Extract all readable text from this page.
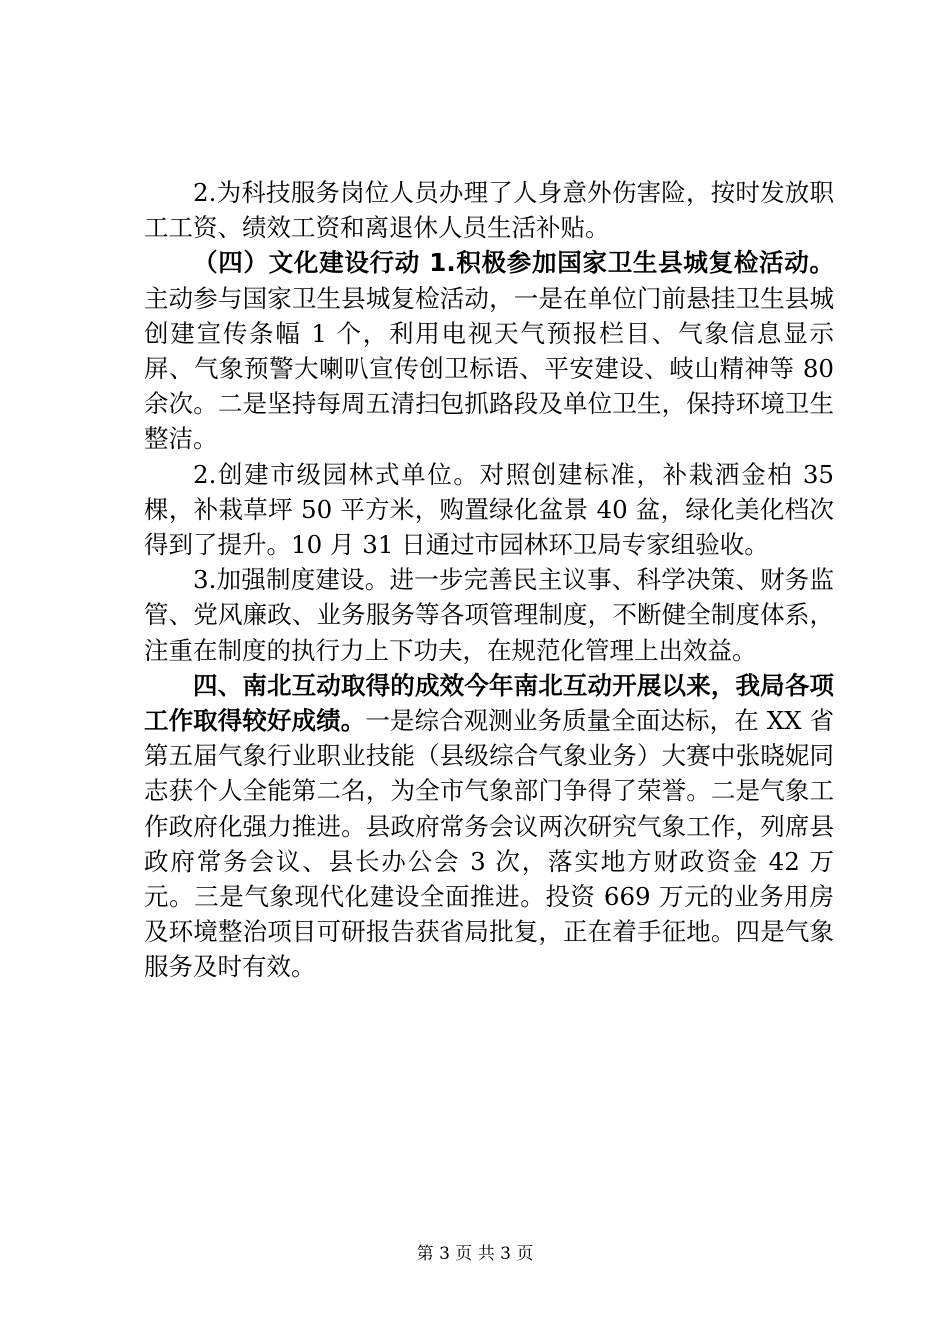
2.为科技服务岗位人员办理了人身意外伤害险，按时发放职工工资、绩效工资和离退休人员生活补贴。

（四）文化建设行动 1.积极参加国家卫生县城复检活动。主动参与国家卫生县城复检活动，一是在单位门前悬挂卫生县城创建宣传条幅 1 个，利用电视天气预报栏目、气象信息显示屏、气象预警大喇叭宣传创卫标语、平安建设、岐山精神等 80 余次。二是坚持每周五清扫包抓路段及单位卫生，保持环境卫生整洁。

2.创建市级园林式单位。对照创建标准，补栽洒金柏 35 棵，补栽草坪 50 平方米，购置绿化盆景 40 盆，绿化美化档次得到了提升。10 月 31 日通过市园林环卫局专家组验收。

3.加强制度建设。进一步完善民主议事、科学决策、财务监管、党风廉政、业务服务等各项管理制度，不断健全制度体系，注重在制度的执行力上下功夫，在规范化管理上出效益。

四、南北互动取得的成效今年南北互动开展以来，我局各项工作取得较好成绩。一是综合观测业务质量全面达标，在 XX 省第五届气象行业职业技能（县级综合气象业务）大赛中张晓妮同志获个人全能第二名，为全市气象部门争得了荣誉。二是气象工作政府化强力推进。县政府常务会议两次研究气象工作，列席县政府常务会议、县长办公会 3 次，落实地方财政资金 42 万元。三是气象现代化建设全面推进。投资 669 万元的业务用房及环境整治项目可研报告获省局批复，正在着手征地。四是气象服务及时有效。

第 3 页 共 3 页
